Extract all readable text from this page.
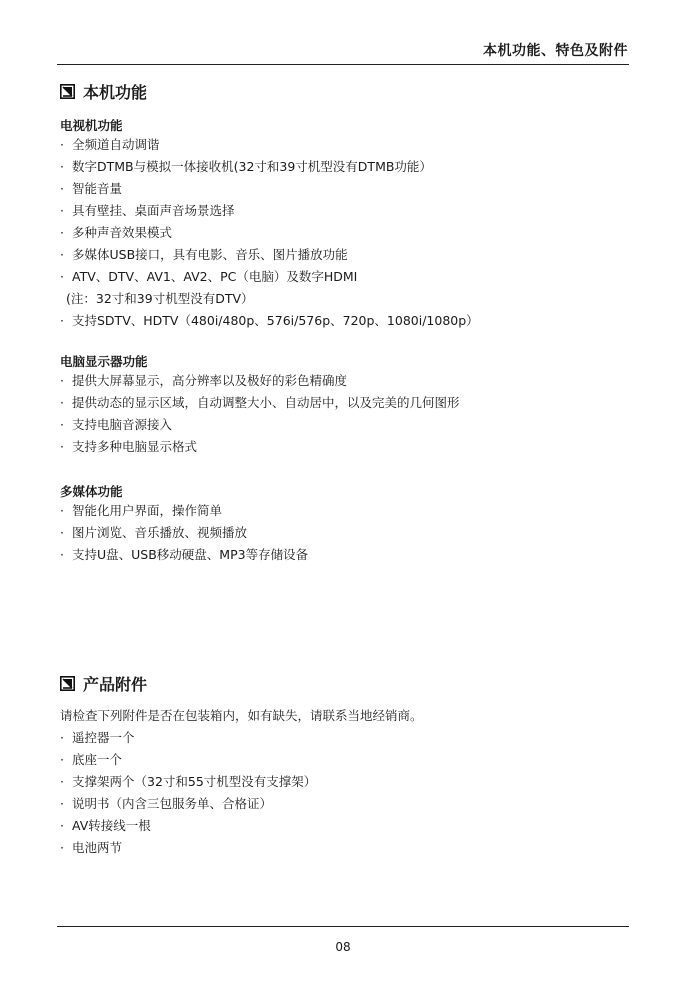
本机功能、特色及附件
本机功能
电视机功能
· 全频道自动调谐
· 数字DTMB与模拟一体接收机(32寸和39寸机型没有DTMB功能）
· 智能音量
· 具有壁挂、桌面声音场景选择
· 多种声音效果模式
· 多媒体USB接口，具有电影、音乐、图片播放功能
· ATV、DTV、AV1、AV2、PC（电脑）及数字HDMI
(注：32寸和39寸机型没有DTV）
· 支持SDTV、HDTV（480i/480p、576i/576p、720p、1080i/1080p）
电脑显示器功能
· 提供大屏幕显示，高分辨率以及极好的彩色精确度
· 提供动态的显示区域，自动调整大小、自动居中，以及完美的几何图形
· 支持电脑音源接入
· 支持多种电脑显示格式
多媒体功能
· 智能化用户界面，操作简单
· 图片浏览、音乐播放、视频播放
· 支持U盘、USB移动硬盘、MP3等存储设备
产品附件
请检查下列附件是否在包装箱内，如有缺失，请联系当地经销商。
· 遥控器一个
· 底座一个
· 支撑架两个（32寸和55寸机型没有支撑架）
· 说明书（内含三包服务单、合格证）
· AV转接线一根
· 电池两节
08
